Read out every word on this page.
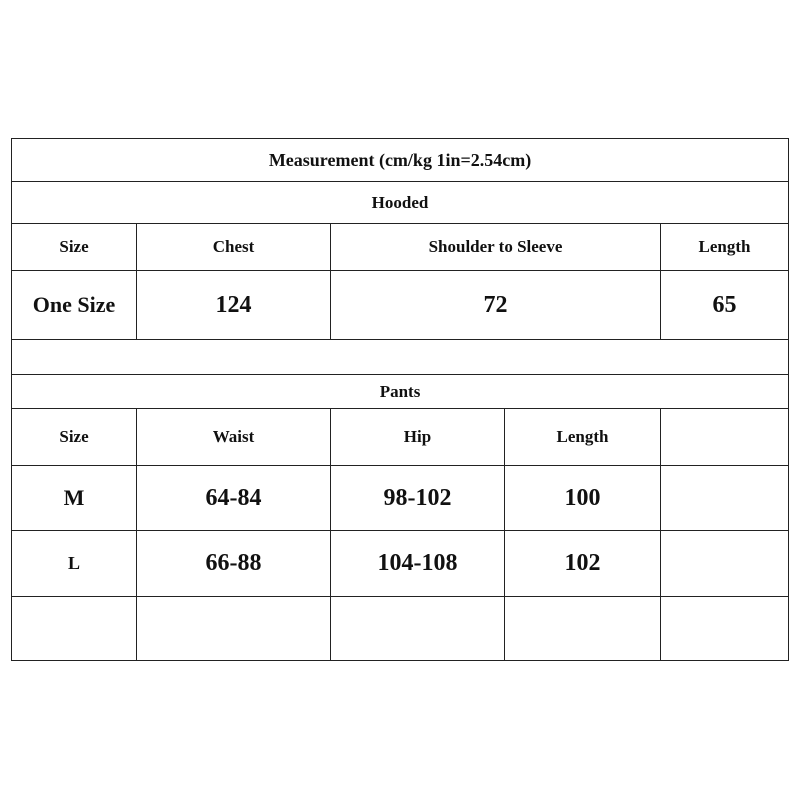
Measurement (cm/kg 1in=2.54cm)
Hooded
Size	Chest	Shoulder to Sleeve	Length
One Size	124	72	65
Pants
Size	Waist	Hip	Length
M	64-84	98-102	100
L	66-88	104-108	102
